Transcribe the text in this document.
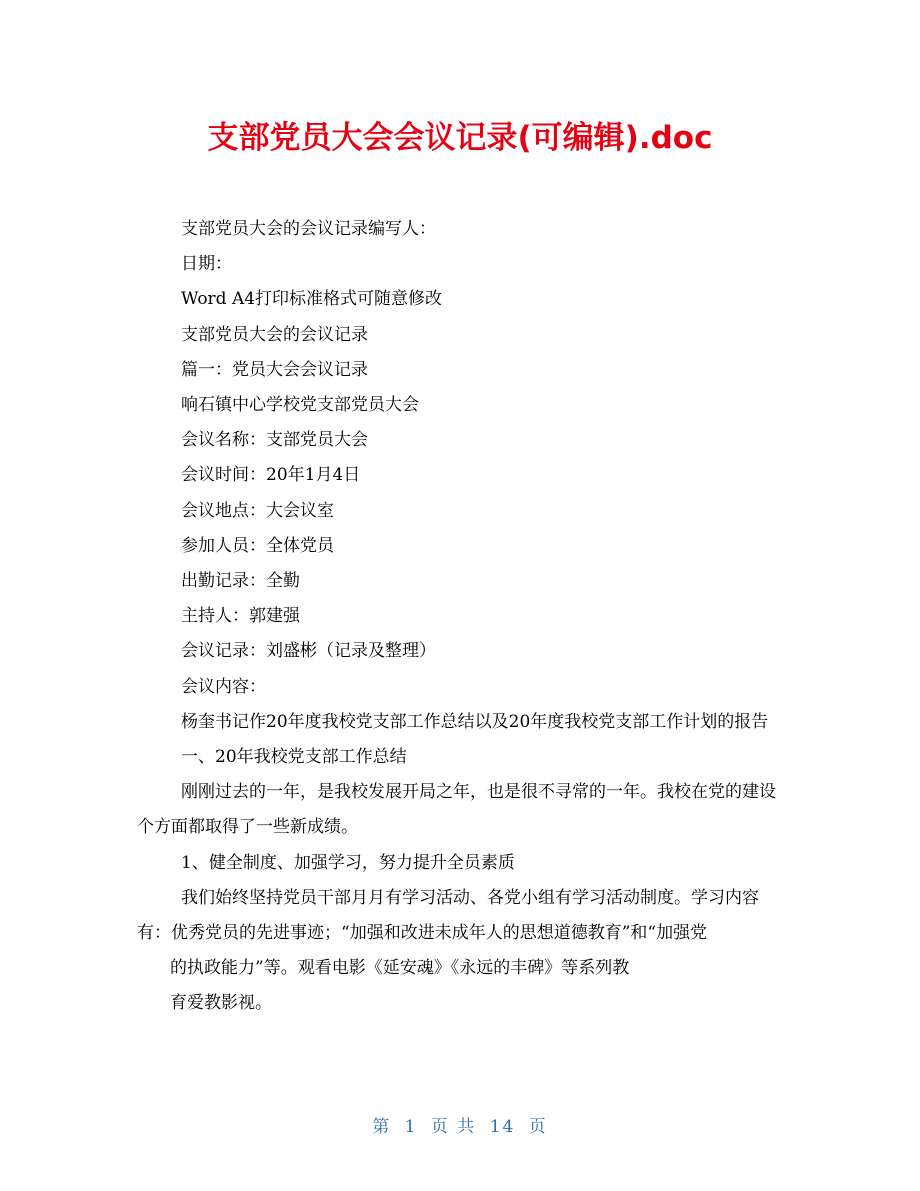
支部党员大会会议记录(可编辑).doc

支部党员大会的会议记录编写人：

日期：

Word A4打印标准格式可随意修改

支部党员大会的会议记录

篇一：党员大会会议记录

响石镇中心学校党支部党员大会

会议名称：支部党员大会

会议时间：20年1月4日

会议地点：大会议室

参加人员：全体党员

出勤记录：全勤

主持人：郭建强

会议记录：刘盛彬（记录及整理）

会议内容：

杨奎书记作20年度我校党支部工作总结以及20年度我校党支部工作计划的报告

一、20年我校党支部工作总结

刚刚过去的一年，是我校发展开局之年，也是很不寻常的一年。我校在党的建设个方面都取得了一些新成绩。

1、健全制度、加强学习，努力提升全员素质

我们始终坚持党员干部月月有学习活动、各党小组有学习活动制度。学习内容有：优秀党员的先进事迹；“加强和改进未成年人的思想道德教育”和“加强党

的执政能力”等。观看电影《延安魂》《永远的丰碑》等系列教

育爱教影视。

第 1 页 共 14 页
